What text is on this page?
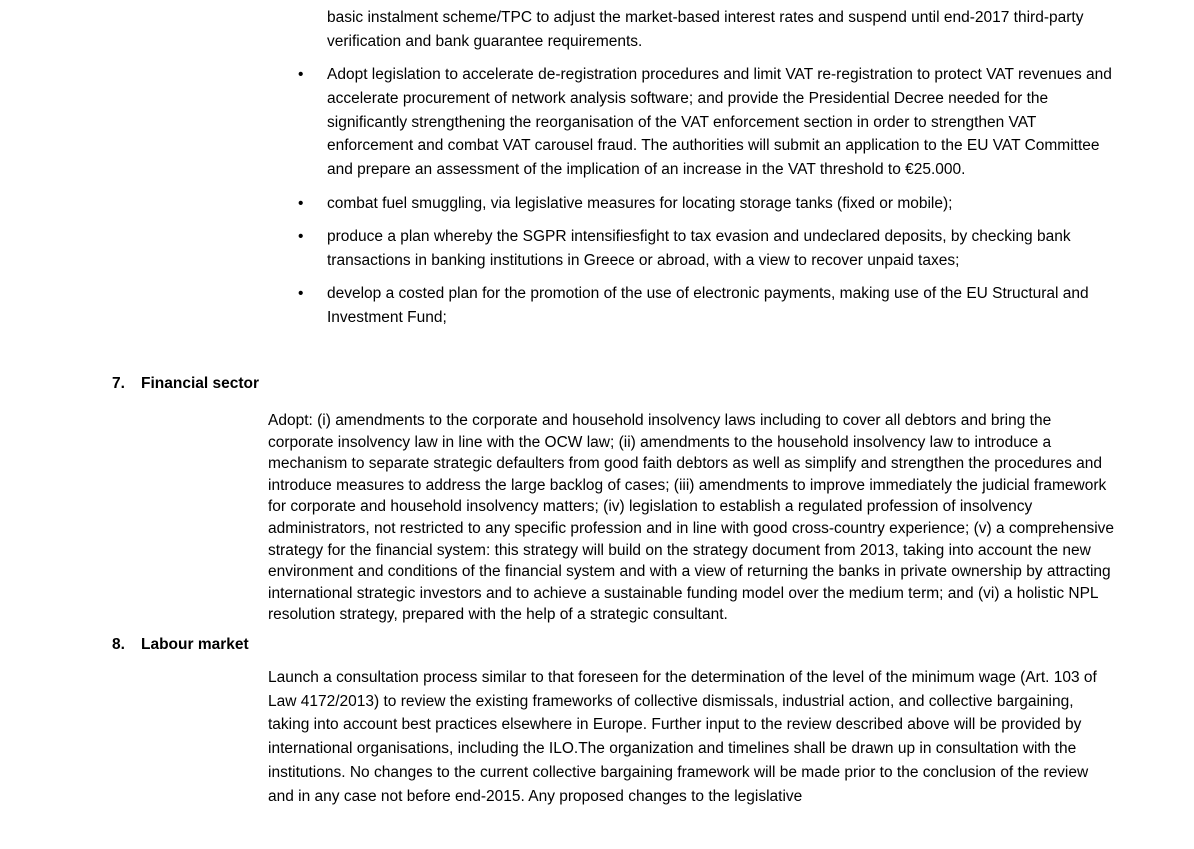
basic instalment scheme/TPC to adjust the market-based interest rates and suspend until end-2017 third-party verification and bank guarantee requirements.
• Adopt legislation to accelerate de-registration procedures and limit VAT re-registration to protect VAT revenues and accelerate procurement of network analysis software; and provide the Presidential Decree needed for the significantly strengthening the reorganisation of the VAT enforcement section in order to strengthen VAT enforcement and combat VAT carousel fraud. The authorities will submit an application to the EU VAT Committee and prepare an assessment of the implication of an increase in the VAT threshold to €25.000.
• combat fuel smuggling, via legislative measures for locating storage tanks (fixed or mobile);
• produce a plan whereby the SGPR intensifiesfight to tax evasion and undeclared deposits, by checking bank transactions in banking institutions in Greece or abroad, with a view to recover unpaid taxes;
• develop a costed plan for the promotion of the use of electronic payments, making use of the EU Structural and Investment Fund;
7. Financial sector

Adopt: (i) amendments to the corporate and household insolvency laws including to cover all debtors and bring the corporate insolvency law in line with the OCW law; (ii) amendments to the household insolvency law to introduce a mechanism to separate strategic defaulters from good faith debtors as well as simplify and strengthen the procedures and introduce measures to address the large backlog of cases; (iii) amendments to improve immediately the judicial framework for corporate and household insolvency matters; (iv) legislation to establish a regulated profession of insolvency administrators, not restricted to any specific profession and in line with good cross-country experience; (v) a comprehensive strategy for the financial system: this strategy will build on the strategy document from 2013, taking into account the new environment and conditions of the financial system and with a view of returning the banks in private ownership by attracting international strategic investors and to achieve a sustainable funding model over the medium term; and (vi) a holistic NPL resolution strategy, prepared with the help of a strategic consultant.

8. Labour market

Launch a consultation process similar to that foreseen for the determination of the level of the minimum wage (Art. 103 of Law 4172/2013) to review the existing frameworks of collective dismissals, industrial action, and collective bargaining, taking into account best practices elsewhere in Europe. Further input to the review described above will be provided by international organisations, including the ILO.The organization and timelines shall be drawn up in consultation with the institutions. No changes to the current collective bargaining framework will be made prior to the conclusion of the review and in any case not before end-2015. Any proposed changes to the legislative
